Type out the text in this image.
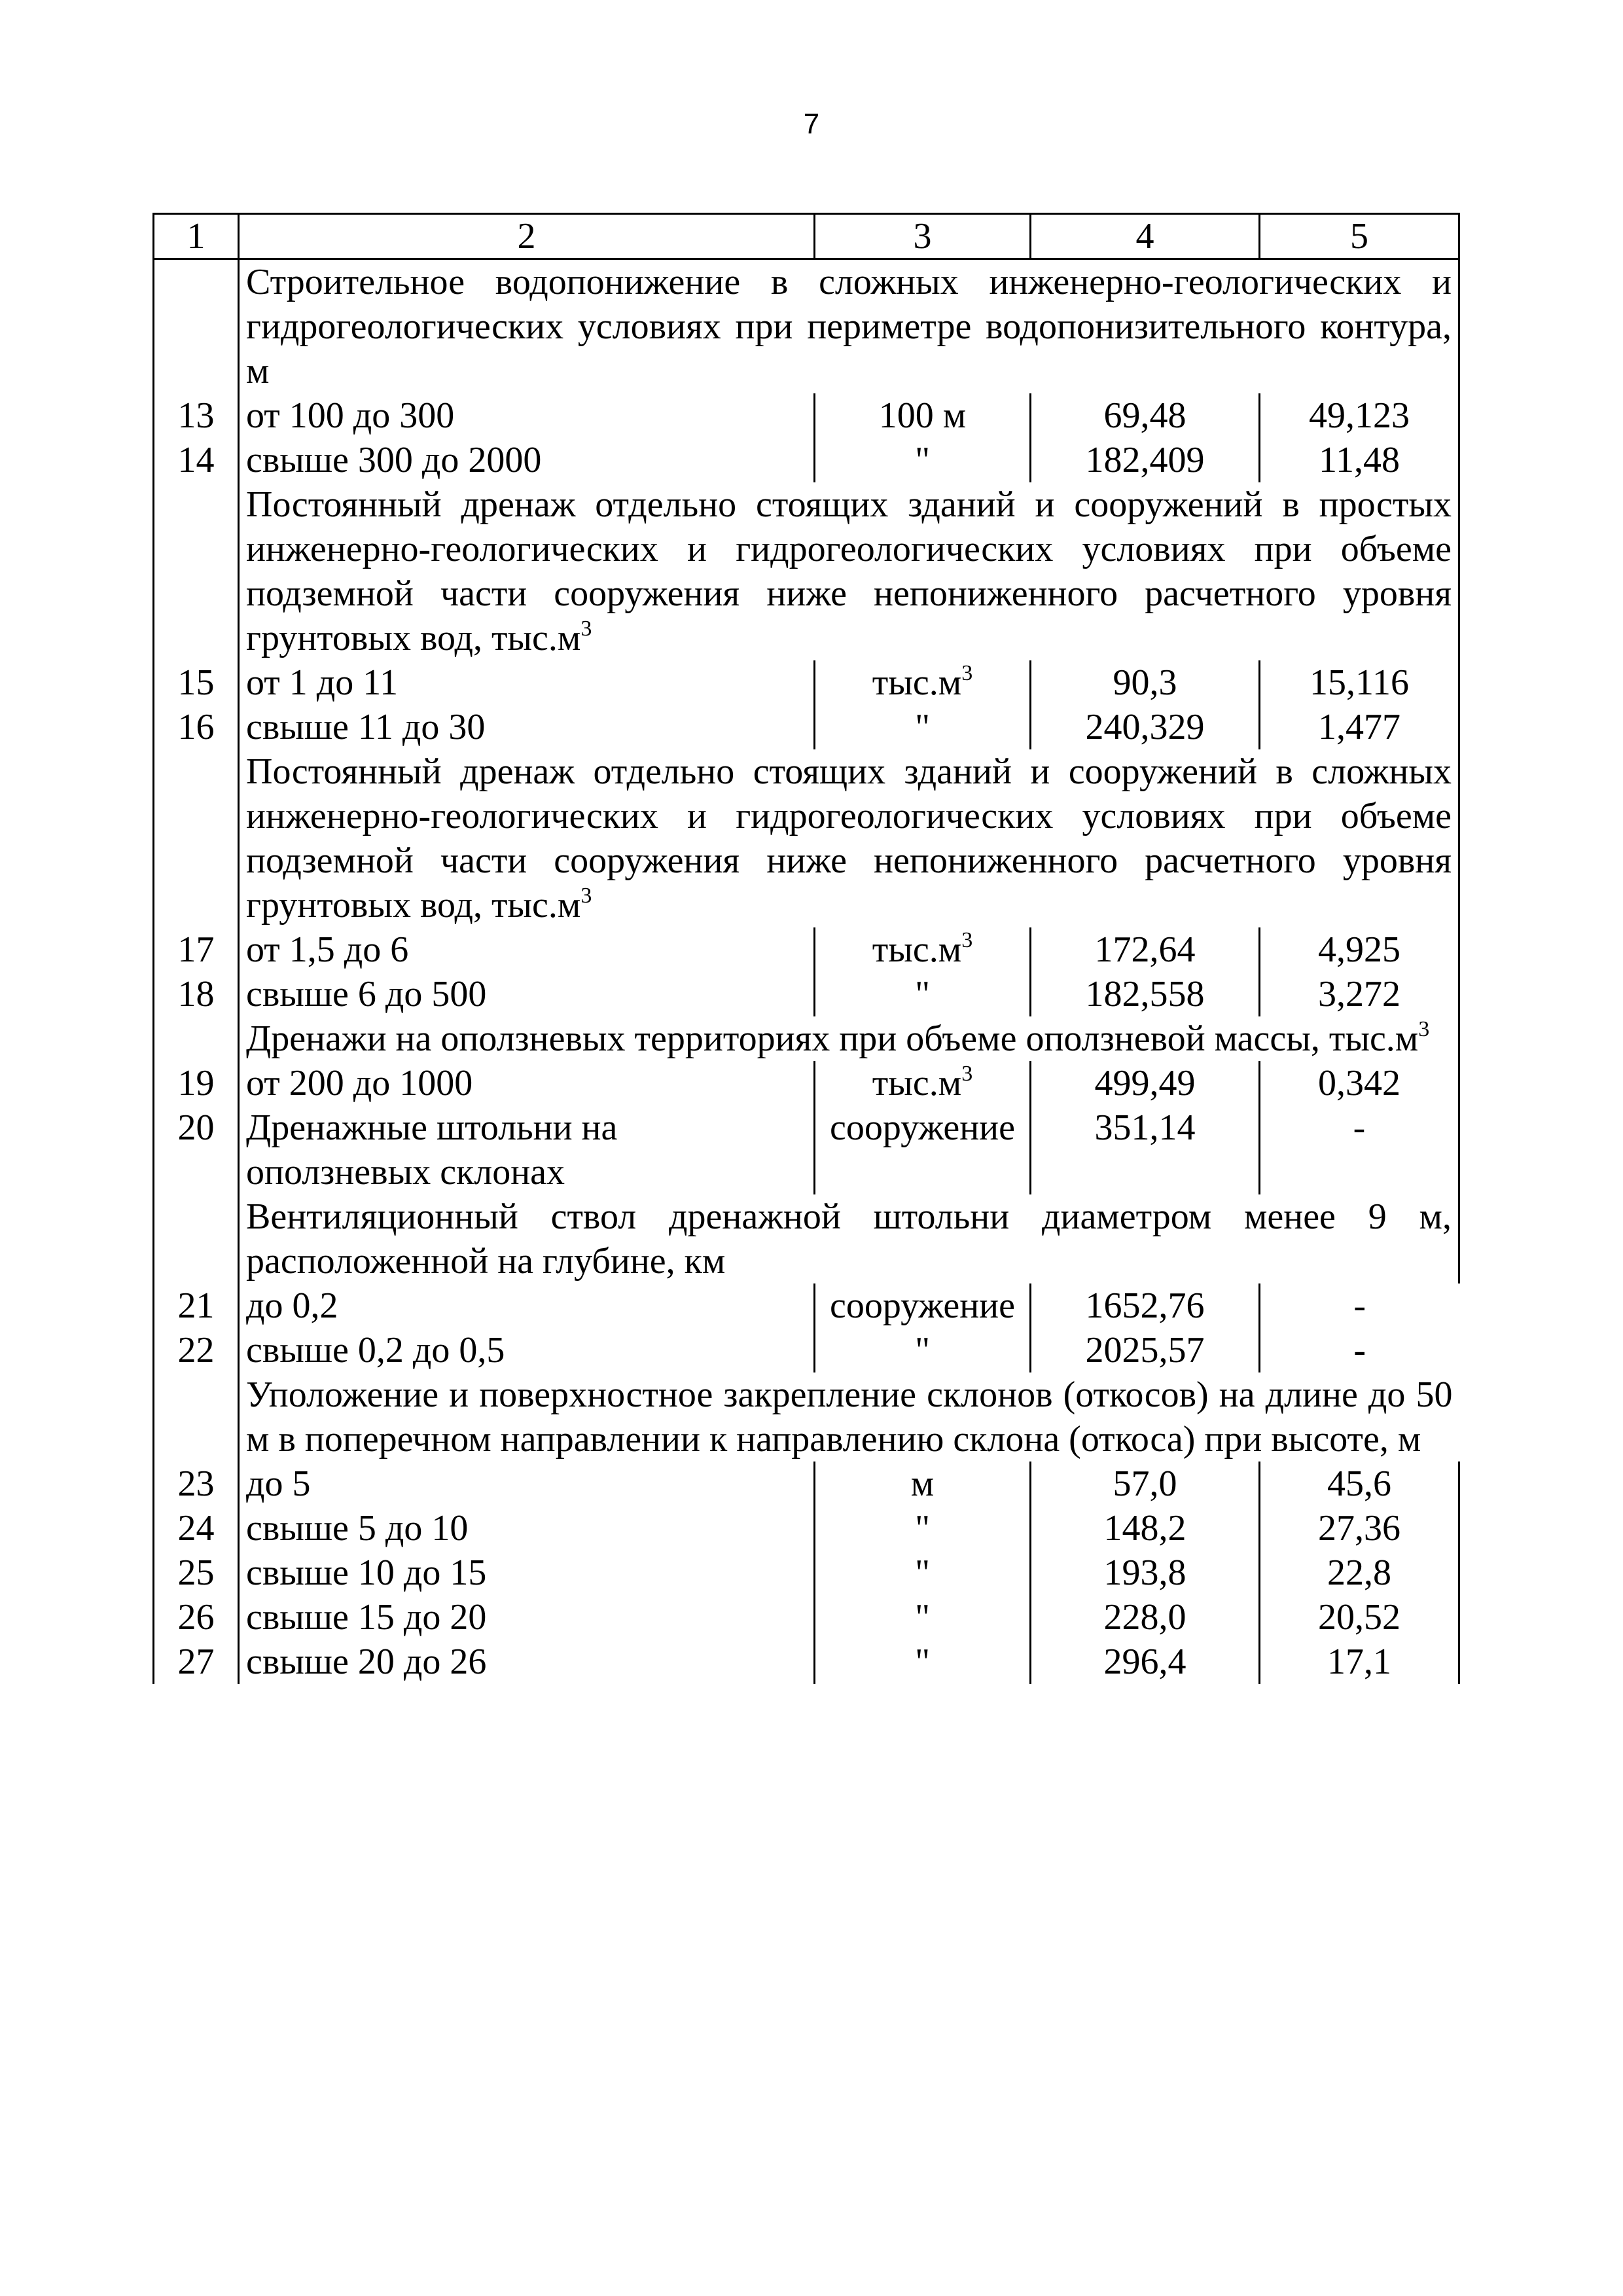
7
1	2	3	4	5
	Строительное водопонижение в сложных инженерно-геологических и гидрогеологических условиях при периметре водопонизительного контура, м			
13	от 100 до 300	100 м	69,48	49,123
14	свыше 300 до 2000	"	182,409	11,48
	Постоянный дренаж отдельно стоящих зданий и сооружений в простых инженерно-геологических и гидрогеологических условиях при объеме подземной части сооружения ниже непониженного расчетного уровня грунтовых вод, $тыс.м^3$
15	от 1 до 11	$тыс.м^3$	90,3	15,116
16	свыше 11 до 30	"	240,329	1,477
	Постоянный дренаж отдельно стоящих зданий и сооружений в сложных инженерно-геологических и гидрогеологических условиях при объеме подземной части сооружения ниже непониженного расчетного уровня грунтовых вод, $тыс.м^3$
17	от 1,5 до 6	$тыс.м^3$	172,64	4,925
18	свыше 6 до 500	"	182,558	3,272
	Дренажи на оползневых территориях при объеме оползневой массы, $тыс.м^3$
19	от 200 до 1000	$тыс.м^3$	499,49	0,342
20	Дренажные штольни на оползневых склонах	сооружение	351,14	-
	Вентиляционный ствол дренажной штольни диаметром менее 9 м, расположенной на глубине, км			
21	до 0,2	сооружение	1652,76	-
22	свыше 0,2 до 0,5	"	2025,57	-
	Уположение и поверхностное закрепление склонов (откосов) на длине до 50 м в поперечном направлении к направлению склона (откоса) при высоте, м			
23	до 5	м	57,0	45,6
24	свыше 5 до 10	"	148,2	27,36
25	свыше 10 до 15	"	193,8	22,8
26	свыше 15 до 20	"	228,0	20,52
27	свыше 20 до 26	"	296,4	17,1
